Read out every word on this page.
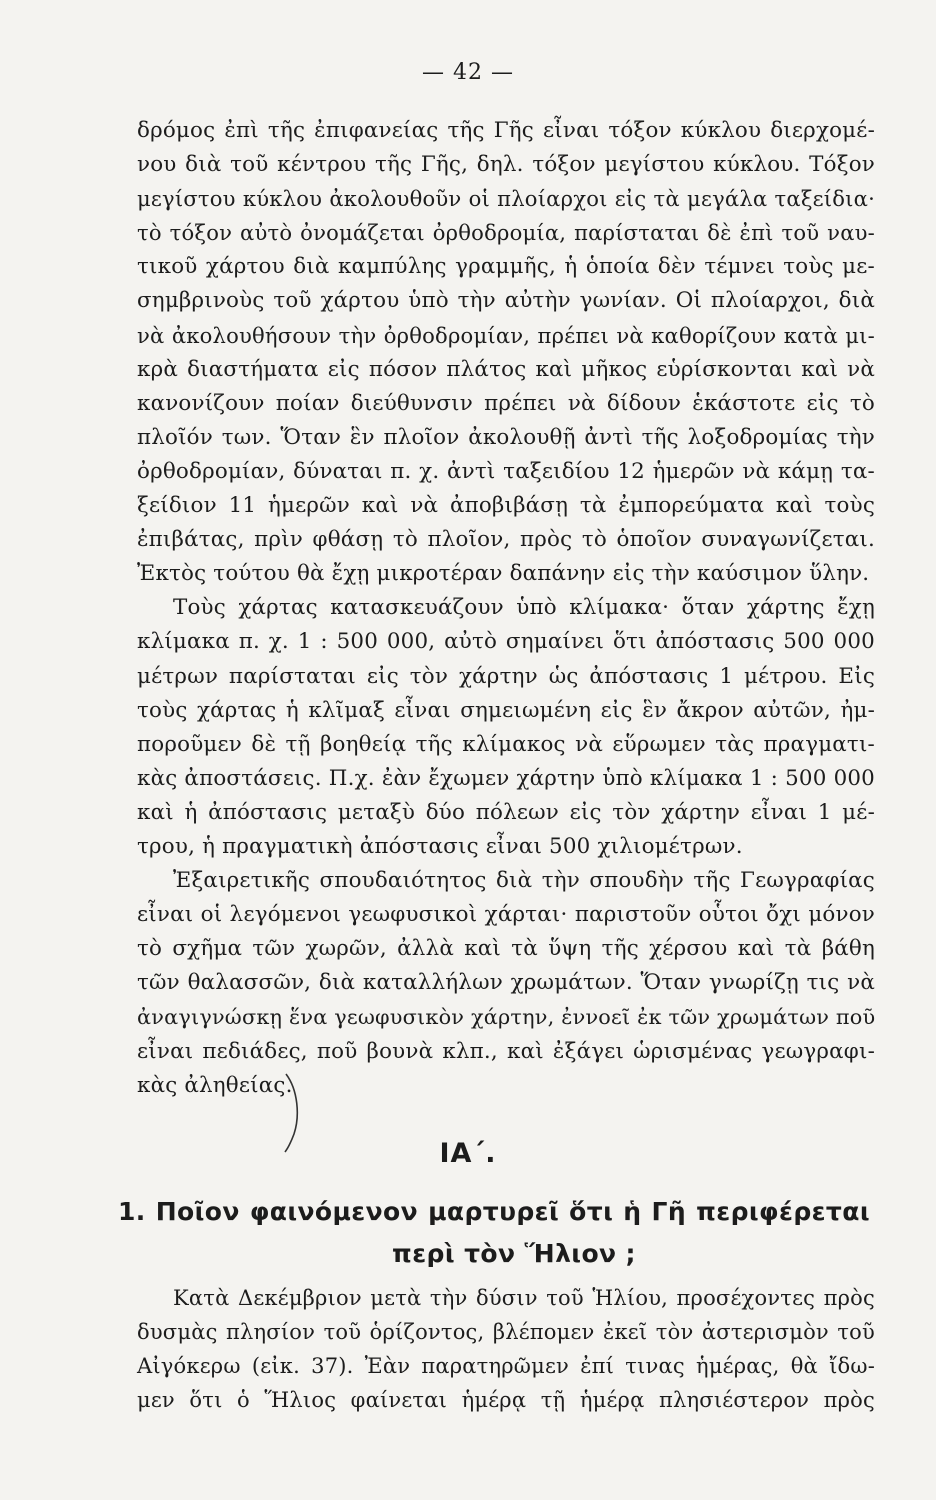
— 42 —
δρόμος ἐπὶ τῆς ἐπιφανείας τῆς Γῆς εἶναι τόξον κύκλου διερχομέ-
νου διὰ τοῦ κέντρου τῆς Γῆς, δηλ. τόξον μεγίστου κύκλου. Τόξον
μεγίστου κύκλου ἀκολουθοῦν οἱ πλοίαρχοι εἰς τὰ μεγάλα ταξείδια·
τὸ τόξον αὐτὸ ὀνομάζεται ὀρθοδρομία, παρίσταται δὲ ἐπὶ τοῦ ναυ-
τικοῦ χάρτου διὰ καμπύλης γραμμῆς, ἡ ὁποία δὲν τέμνει τοὺς με-
σημβρινοὺς τοῦ χάρτου ὑπὸ τὴν αὐτὴν γωνίαν. Οἱ πλοίαρχοι, διὰ
νὰ ἀκολουθήσουν τὴν ὀρθοδρομίαν, πρέπει νὰ καθορίζουν κατὰ μι-
κρὰ διαστήματα εἰς πόσον πλάτος καὶ μῆκος εὑρίσκονται καὶ νὰ
κανονίζουν ποίαν διεύθυνσιν πρέπει νὰ δίδουν ἑκάστοτε εἰς τὸ
πλοῖόν των. Ὅταν ἓν πλοῖον ἀκολουθῇ ἀντὶ τῆς λοξοδρομίας τὴν
ὀρθοδρομίαν, δύναται π. χ. ἀντὶ ταξειδίου 12 ἡμερῶν νὰ κάμῃ τα-
ξείδιον 11 ἡμερῶν καὶ νὰ ἀποβιβάσῃ τὰ ἐμπορεύματα καὶ τοὺς
ἐπιβάτας, πρὶν φθάσῃ τὸ πλοῖον, πρὸς τὸ ὁποῖον συναγωνίζεται.
Ἐκτὸς τούτου θὰ ἔχῃ μικροτέραν δαπάνην εἰς τὴν καύσιμον ὕλην.
Τοὺς χάρτας κατασκευάζουν ὑπὸ κλίμακα· ὅταν χάρτης ἔχῃ
κλίμακα π. χ. 1 : 500 000, αὐτὸ σημαίνει ὅτι ἀπόστασις 500 000
μέτρων παρίσταται εἰς τὸν χάρτην ὡς ἀπόστασις 1 μέτρου. Εἰς
τοὺς χάρτας ἡ κλῖμαξ εἶναι σημειωμένη εἰς ἓν ἄκρον αὐτῶν, ἠμ-
ποροῦμεν δὲ τῇ βοηθείᾳ τῆς κλίμακος νὰ εὕρωμεν τὰς πραγματι-
κὰς ἀποστάσεις. Π.χ. ἐὰν ἔχωμεν χάρτην ὑπὸ κλίμακα 1 : 500 000
καὶ ἡ ἀπόστασις μεταξὺ δύο πόλεων εἰς τὸν χάρτην εἶναι 1 μέ-
τρου, ἡ πραγματικὴ ἀπόστασις εἶναι 500 χιλιομέτρων.
Ἐξαιρετικῆς σπουδαιότητος διὰ τὴν σπουδὴν τῆς Γεωγραφίας
εἶναι οἱ λεγόμενοι γεωφυσικοὶ χάρται· παριστοῦν οὗτοι ὄχι μόνον
τὸ σχῆμα τῶν χωρῶν, ἀλλὰ καὶ τὰ ὕψη τῆς χέρσου καὶ τὰ βάθη
τῶν θαλασσῶν, διὰ καταλλήλων χρωμάτων. Ὅταν γνωρίζῃ τις νὰ
ἀναγιγνώσκῃ ἕνα γεωφυσικὸν χάρτην, ἐννοεῖ ἐκ τῶν χρωμάτων ποῦ
εἶναι πεδιάδες, ποῦ βουνὰ κλπ., καὶ ἐξάγει ὡρισμένας γεωγραφι-
κὰς ἀληθείας.
ΙΑ΄.
1. Ποῖον φαινόμενον μαρτυρεῖ ὅτι ἡ Γῆ περιφέρεται
περὶ τὸν Ἥλιον ;
Κατὰ Δεκέμβριον μετὰ τὴν δύσιν τοῦ Ἡλίου, προσέχοντες πρὸς
δυσμὰς πλησίον τοῦ ὁρίζοντος, βλέπομεν ἐκεῖ τὸν ἀστερισμὸν τοῦ
Αἰγόκερω (εἰκ. 37). Ἐὰν παρατηρῶμεν ἐπί τινας ἡμέρας, θὰ ἴδω-
μεν ὅτι ὁ Ἥλιος φαίνεται ἡμέρᾳ τῇ ἡμέρᾳ πλησιέστερον πρὸς
